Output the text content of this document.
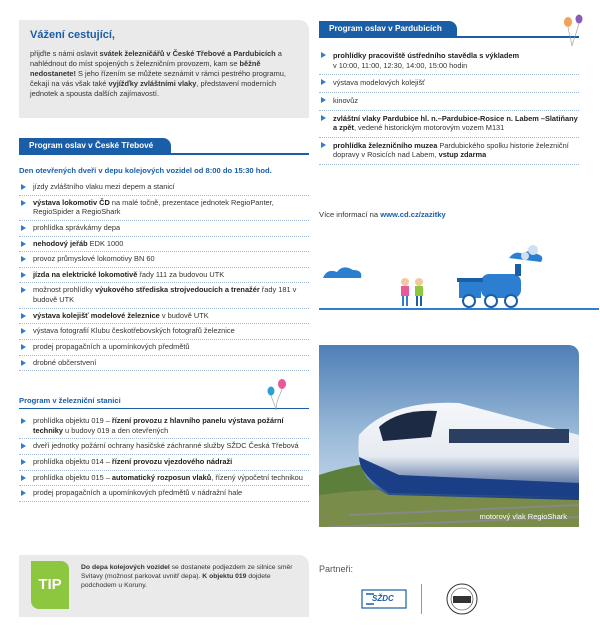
Vážení cestující,

přijďte s námi oslavit svátek železničářů v České Třebové a Pardubicích a nahlédnout do míst spojených s železničním provozem, kam se běžně nedostanete! S jeho řízením se můžete seznámit v rámci pestrého programu, čekají na vás však také vyjížďky zvláštními vlaky, představení moderních jednotek a spousta dalších zajímavostí.

Program oslav v České Třebové
Den otevřených dveří v depu kolejových vozidel od 8:00 do 15:30 hod.
jízdy zvláštního vlaku mezi depem a stanicí
výstava lokomotiv ČD na malé točně, prezentace jednotek RegioPanter, RegioSpider a RegioShark
prohlídka správkárny depa
nehodový jeřáb EDK 1000
provoz průmyslové lokomotivy BN 60
jízda na elektrické lokomotivě řady 111 za budovou UTK
možnost prohlídky výukového střediska strojvedoucích a trenažér řady 181 v budově UTK
výstava kolejišť modelové železnice v budově UTK
výstava fotografií Klubu českotřebovských fotografů železnice
prodej propagačních a upomínkových předmětů
drobné občerstvení
Program v železniční stanici
prohlídka objektu 019 – řízení provozu z hlavního panelu výstava požární techniky u budovy 019 a den otevřených
dveří jednotky požární ochrany hasičské záchranné služby SŽDC Česká Třebová
prohlídka objektu 014 – řízení provozu vjezdového nádraží
prohlídka objektu 015 – automatický rozposun vlaků, řízený výpočetní technikou
prodej propagačních a upomínkových předmětů v nádražní hale
TIP
Do depa kolejových vozidel se dostanete podjezdem ze silnice směr Svitavy (možnost parkovat uvnitř depa). K objektu 019 dojdete podchodem u Koruny.
Program oslav v Pardubicích
prohlídky pracoviště ústředního stavědla s výkladem
v 10:00, 11:00, 12:30, 14:00, 15:00 hodin
výstava modelových kolejišť
kinovůz
zvláštní vlaky Pardubice hl. n.–Pardubice-Rosice n. Labem –Slatiňany a zpět, vedené historickým motorovým vozem M131
prohlídka železničního muzea Pardubického spolku historie železniční dopravy v Rosicích nad Labem, vstup zdarma
Více informací na www.cd.cz/zazitky
motorový vlak RegioShark
Partneři:
SŽDC
